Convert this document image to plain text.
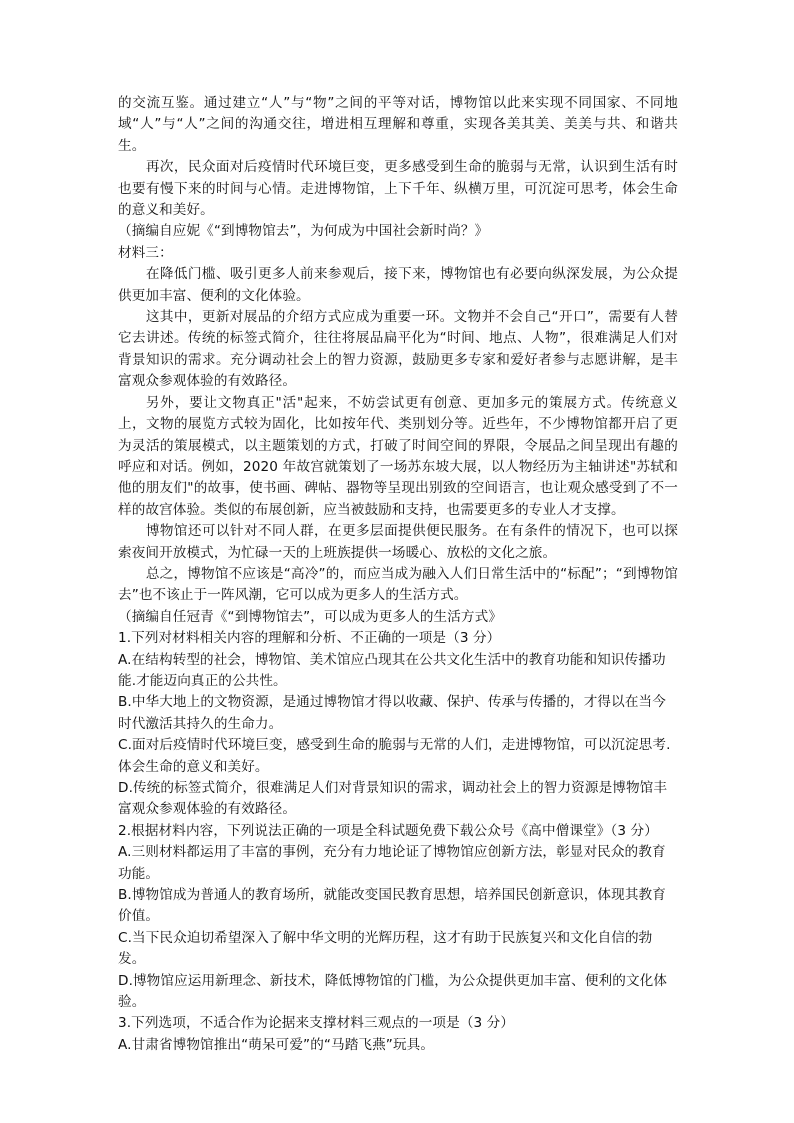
的交流互鉴。通过建立“人”与“物”之间的平等对话，博物馆以此来实现不同国家、不同地域“人”与“人”之间的沟通交往，增进相互理解和尊重，实现各美其美、美美与共、和谐共生。

再次，民众面对后疫情时代环境巨变，更多感受到生命的脆弱与无常，认识到生活有时也要有慢下来的时间与心情。走进博物馆，上下千年、纵横万里，可沉淀可思考，体会生命的意义和美好。

（摘编自应妮《“到博物馆去”，为何成为中国社会新时尚？》

材料三：

在降低门槛、吸引更多人前来参观后，接下来，博物馆也有必要向纵深发展，为公众提供更加丰富、便利的文化体验。

这其中，更新对展品的介绍方式应成为重要一环。文物并不会自己“开口”，需要有人替它去讲述。传统的标签式简介，往往将展品扁平化为“时间、地点、人物”，很难满足人们对背景知识的需求。充分调动社会上的智力资源，鼓励更多专家和爱好者参与志愿讲解，是丰富观众参观体验的有效路径。

另外，要让文物真正"活"起来，不妨尝试更有创意、更加多元的策展方式。传统意义上，文物的展览方式较为固化，比如按年代、类别划分等。近些年，不少博物馆都开启了更为灵活的策展模式，以主题策划的方式，打破了时间空间的界限，令展品之间呈现出有趣的呼应和对话。例如，2020 年故宫就策划了一场苏东坡大展，以人物经历为主轴讲述"苏轼和他的朋友们"的故事，使书画、碑帖、器物等呈现出别致的空间语言，也让观众感受到了不一样的故宫体验。类似的布展创新，应当被鼓励和支持，也需要更多的专业人才支撑。

博物馆还可以针对不同人群，在更多层面提供便民服务。在有条件的情况下，也可以探索夜间开放模式，为忙碌一天的上班族提供一场暖心、放松的文化之旅。

总之，博物馆不应该是“高冷”的，而应当成为融入人们日常生活中的“标配”；“到博物馆去”也不该止于一阵风潮，它可以成为更多人的生活方式。

（摘编自任冠青《“到博物馆去”，可以成为更多人的生活方式》

1.下列对材料相关内容的理解和分析、不正确的一项是（3 分）

A.在结构转型的社会，博物馆、美术馆应凸现其在公共文化生活中的教育功能和知识传播功能.才能迈向真正的公共性。

B.中华大地上的文物资源，是通过博物馆才得以收藏、保护、传承与传播的，才得以在当今时代激活其持久的生命力。

C.面对后疫情时代环境巨变，感受到生命的脆弱与无常的人们，走进博物馆，可以沉淀思考.体会生命的意义和美好。

D.传统的标签式简介，很难满足人们对背景知识的需求，调动社会上的智力资源是博物馆丰富观众参观体验的有效路径。

2.根据材料内容，下列说法正确的一项是全科试题免费下载公众号《高中僧课堂》（3 分）

A.三则材料都运用了丰富的事例，充分有力地论证了博物馆应创新方法，彰显对民众的教育功能。

B.博物馆成为普通人的教育场所，就能改变国民教育思想，培养国民创新意识，体现其教育价值。

C.当下民众迫切希望深入了解中华文明的光辉历程，这才有助于民族复兴和文化自信的勃发。

D.博物馆应运用新理念、新技术，降低博物馆的门槛，为公众提供更加丰富、便利的文化体验。

3.下列选项，不适合作为论据来支撑材料三观点的一项是（3 分）

A.甘肃省博物馆推出“萌呆可爱”的“马踏飞燕”玩具。
